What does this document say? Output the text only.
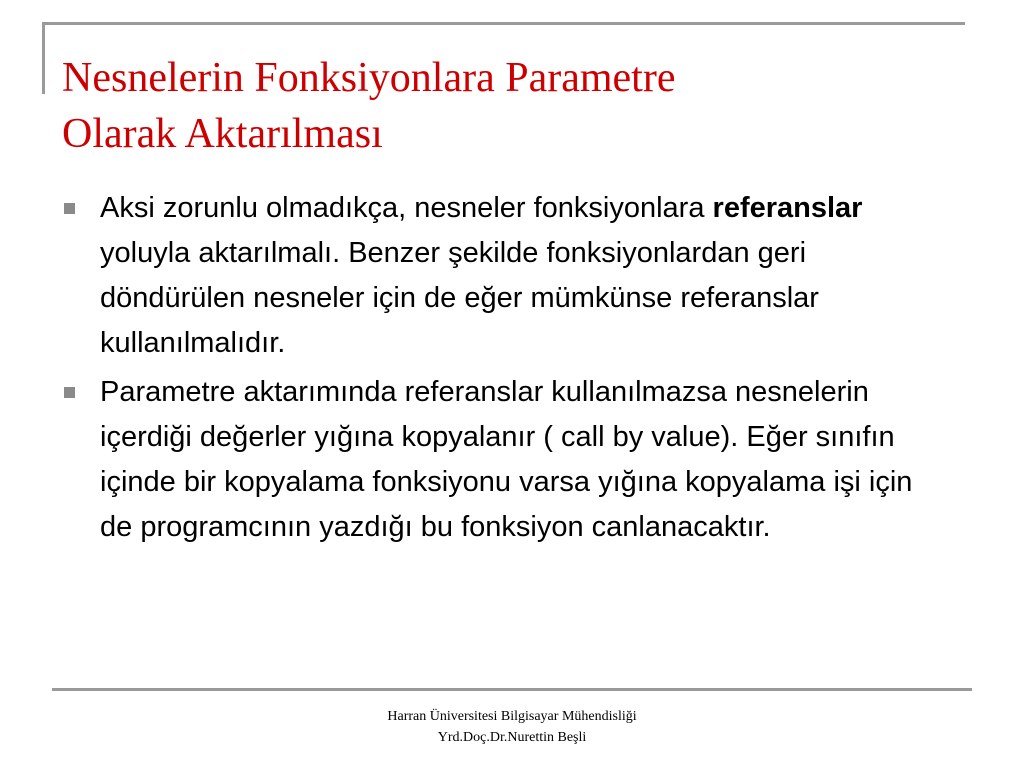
Nesnelerin Fonksiyonlara Parametre
Olarak Aktarılması
Aksi zorunlu olmadıkça, nesneler fonksiyonlara referanslar yoluyla aktarılmalı. Benzer şekilde fonksiyonlardan geri döndürülen nesneler için de eğer mümkünse referanslar kullanılmalıdır.
Parametre aktarımında referanslar kullanılmazsa nesnelerin içerdiği değerler yığına kopyalanır ( call by value). Eğer sınıfın içinde bir kopyalama fonksiyonu varsa yığına kopyalama işi için de programcının yazdığı bu fonksiyon canlanacaktır.
Harran Üniversitesi Bilgisayar Mühendisliği
Yrd.Doç.Dr.Nurettin Beşli
